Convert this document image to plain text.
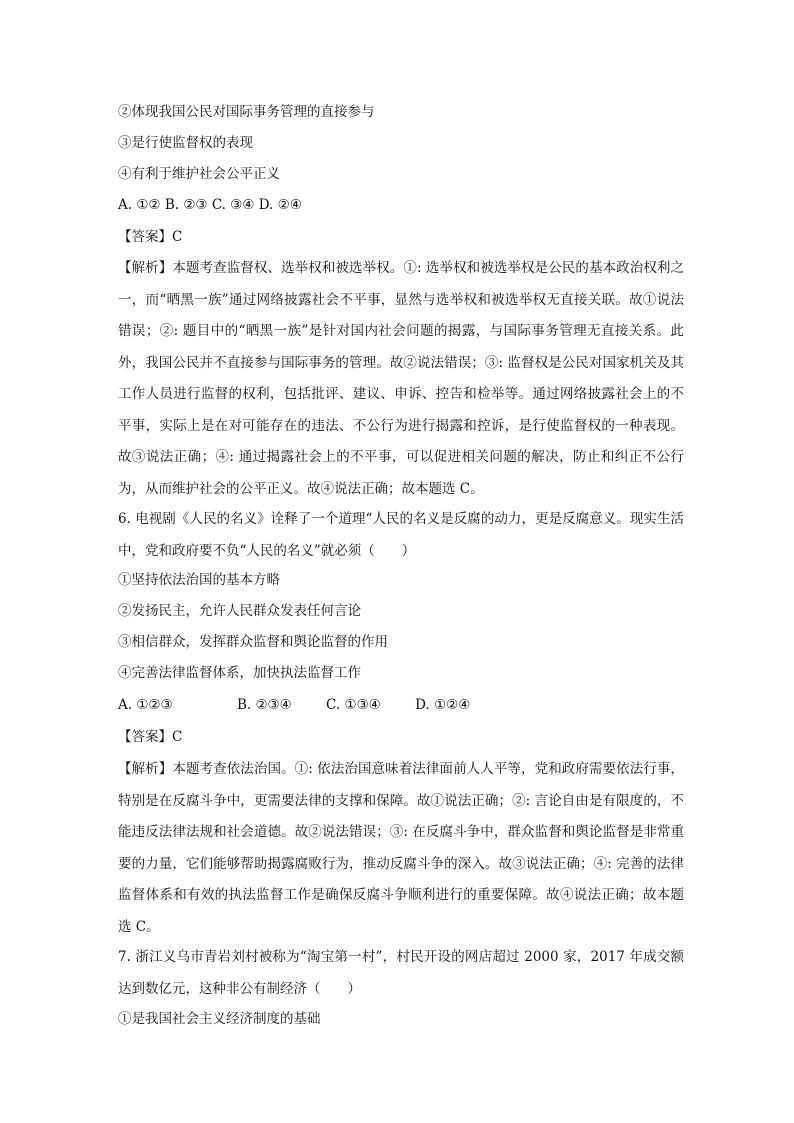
②体现我国公民对国际事务管理的直接参与
③是行使监督权的表现
④有利于维护社会公平正义
A. ①② B. ②③ C. ③④ D. ②④
【答案】C
【解析】本题考查监督权、选举权和被选举权。①: 选举权和被选举权是公民的基本政治权利之一，而“晒黑一族”通过网络披露社会不平事，显然与选举权和被选举权无直接关联。故①说法错误；②: 题目中的“晒黑一族”是针对国内社会问题的揭露，与国际事务管理无直接关系。此外，我国公民并不直接参与国际事务的管理。故②说法错误；③: 监督权是公民对国家机关及其工作人员进行监督的权利，包括批评、建议、申诉、控告和检举等。通过网络披露社会上的不平事，实际上是在对可能存在的违法、不公行为进行揭露和控诉，是行使监督权的一种表现。故③说法正确；④: 通过揭露社会上的不平事，可以促进相关问题的解决，防止和纠正不公行为，从而维护社会的公平正义。故④说法正确；故本题选 C。
6. 电视剧《人民的名义》诠释了一个道理“人民的名义是反腐的动力，更是反腐意义。现实生活中，党和政府要不负“人民的名义”就必须（　　）
①坚持依法治国的基本方略
②发扬民主，允许人民群众发表任何言论
③相信群众，发挥群众监督和舆论监督的作用
④完善法律监督体系，加快执法监督工作
A. ①②③	B. ②③④	C. ①③④	D. ①②④
【答案】C
【解析】本题考查依法治国。①: 依法治国意味着法律面前人人平等，党和政府需要依法行事，特别是在反腐斗争中，更需要法律的支撑和保障。故①说法正确；②: 言论自由是有限度的，不能违反法律法规和社会道德。故②说法错误；③: 在反腐斗争中，群众监督和舆论监督是非常重要的力量，它们能够帮助揭露腐败行为，推动反腐斗争的深入。故③说法正确；④: 完善的法律监督体系和有效的执法监督工作是确保反腐斗争顺利进行的重要保障。故④说法正确；故本题选 C。
7. 浙江义乌市青岩刘村被称为“淘宝第一村”，村民开设的网店超过 2000 家，2017 年成交额达到数亿元，这种非公有制经济（　　）
①是我国社会主义经济制度的基础
